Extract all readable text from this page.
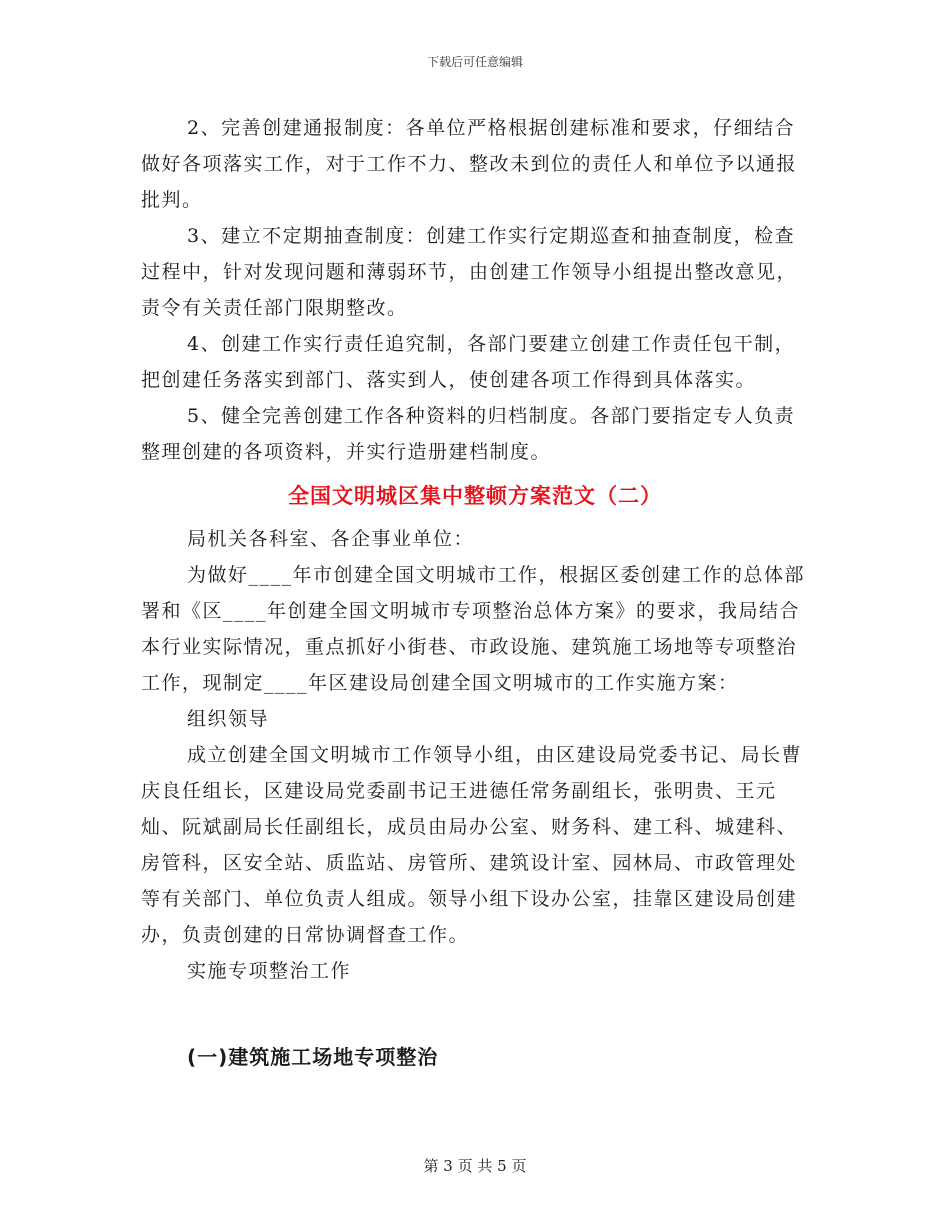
下载后可任意编辑

2、完善创建通报制度：各单位严格根据创建标准和要求，仔细结合做好各项落实工作，对于工作不力、整改未到位的责任人和单位予以通报批判。

3、建立不定期抽查制度：创建工作实行定期巡查和抽查制度，检查过程中，针对发现问题和薄弱环节，由创建工作领导小组提出整改意见，责令有关责任部门限期整改。

4、创建工作实行责任追究制，各部门要建立创建工作责任包干制，把创建任务落实到部门、落实到人，使创建各项工作得到具体落实。

5、健全完善创建工作各种资料的归档制度。各部门要指定专人负责整理创建的各项资料，并实行造册建档制度。

全国文明城区集中整顿方案范文（二）

局机关各科室、各企事业单位：

为做好____年市创建全国文明城市工作，根据区委创建工作的总体部署和《区____年创建全国文明城市专项整治总体方案》的要求，我局结合本行业实际情况，重点抓好小街巷、市政设施、建筑施工场地等专项整治工作，现制定____年区建设局创建全国文明城市的工作实施方案：

组织领导

成立创建全国文明城市工作领导小组，由区建设局党委书记、局长曹庆良任组长，区建设局党委副书记王进德任常务副组长，张明贵、王元灿、阮斌副局长任副组长，成员由局办公室、财务科、建工科、城建科、房管科，区安全站、质监站、房管所、建筑设计室、园林局、市政管理处等有关部门、单位负责人组成。领导小组下设办公室，挂靠区建设局创建办，负责创建的日常协调督查工作。

实施专项整治工作

(一)建筑施工场地专项整治
第 3 页 共 5 页
